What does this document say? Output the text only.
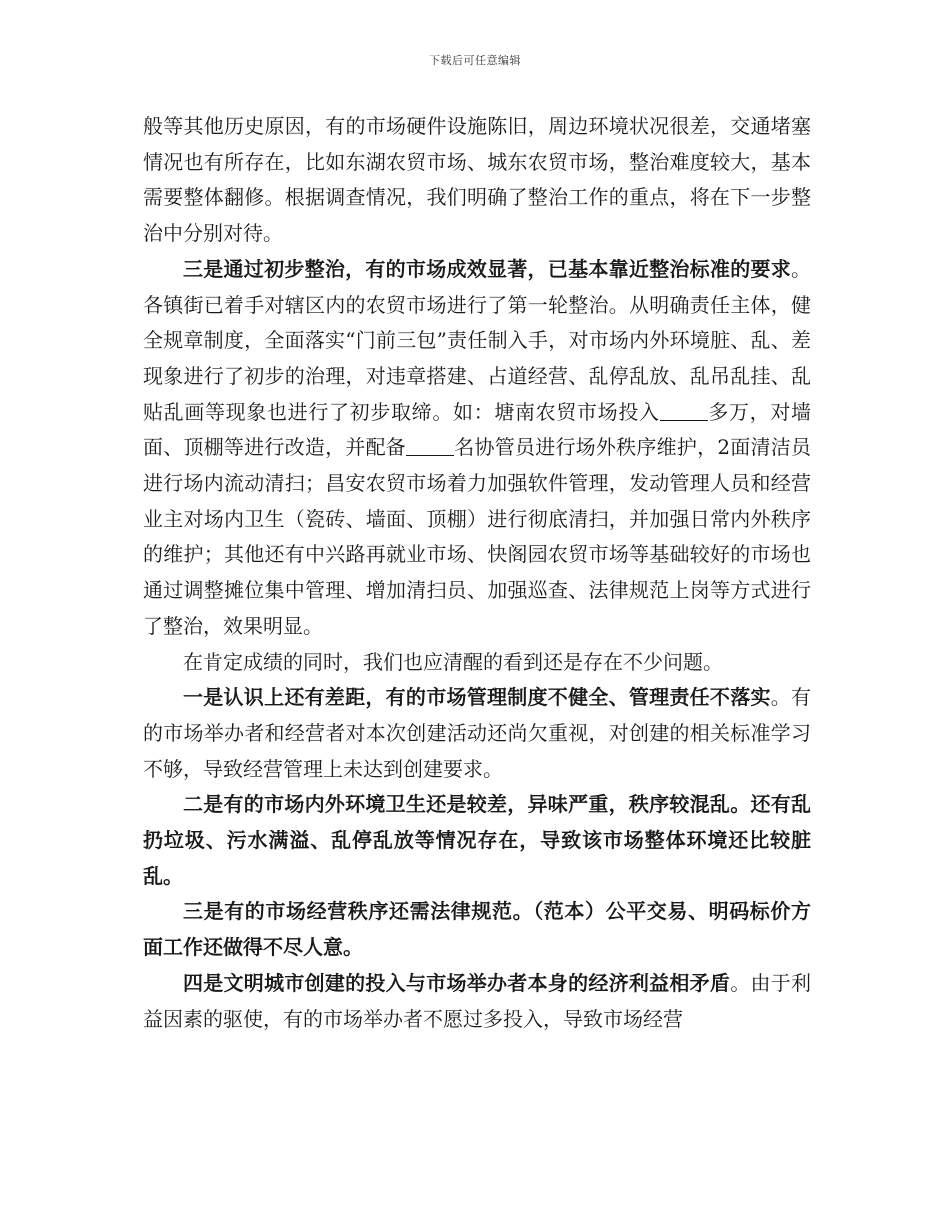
下载后可任意编辑

般等其他历史原因，有的市场硬件设施陈旧，周边环境状况很差，交通堵塞情况也有所存在，比如东湖农贸市场、城东农贸市场，整治难度较大，基本需要整体翻修。根据调查情况，我们明确了整治工作的重点，将在下一步整治中分别对待。

三是通过初步整治，有的市场成效显著，已基本靠近整治标准的要求。各镇街已着手对辖区内的农贸市场进行了第一轮整治。从明确责任主体，健全规章制度，全面落实“门前三包”责任制入手，对市场内外环境脏、乱、差现象进行了初步的治理，对违章搭建、占道经营、乱停乱放、乱吊乱挂、乱贴乱画等现象也进行了初步取缔。如：塘南农贸市场投入 多万，对墙面、顶棚等进行改造，并配备 名协管员进行场外秩序维护，2面清洁员进行场内流动清扫；昌安农贸市场着力加强软件管理，发动管理人员和经营业主对场内卫生（瓷砖、墙面、顶棚）进行彻底清扫，并加强日常内外秩序的维护；其他还有中兴路再就业市场、快阁园农贸市场等基础较好的市场也通过调整摊位集中管理、增加清扫员、加强巡查、法律规范上岗等方式进行了整治，效果明显。

在肯定成绩的同时，我们也应清醒的看到还是存在不少问题。

一是认识上还有差距，有的市场管理制度不健全、管理责任不落实。有的市场举办者和经营者对本次创建活动还尚欠重视，对创建的相关标准学习不够，导致经营管理上未达到创建要求。

二是有的市场内外环境卫生还是较差，异味严重，秩序较混乱。还有乱扔垃圾、污水满溢、乱停乱放等情况存在，导致该市场整体环境还比较脏乱。

三是有的市场经营秩序还需法律规范。（范本）公平交易、明码标价方面工作还做得不尽人意。

四是文明城市创建的投入与市场举办者本身的经济利益相矛盾。由于利益因素的驱使，有的市场举办者不愿过多投入，导致市场经营
